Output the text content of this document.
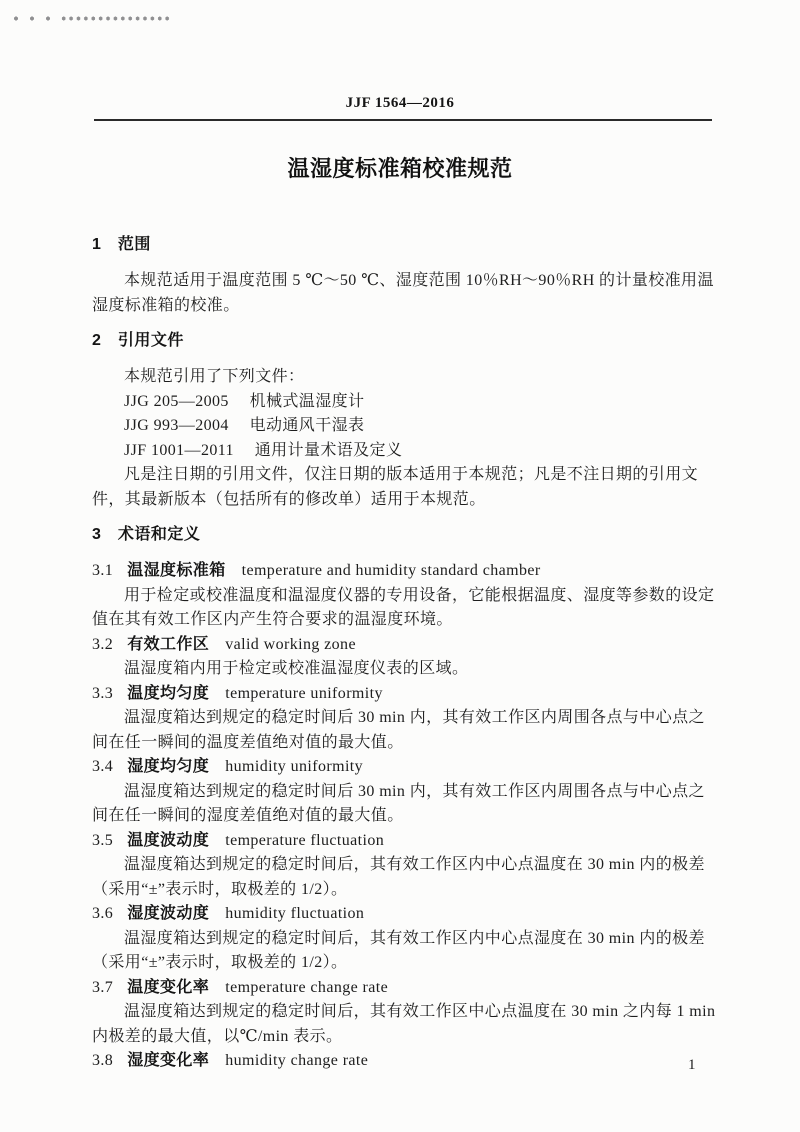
JJF 1564—2016
温湿度标准箱校准规范
1　范围
本规范适用于温度范围 5 ℃～50 ℃、湿度范围 10％RH～90％RH 的计量校准用温
湿度标准箱的校准。
2　引用文件
本规范引用了下列文件：
JJG 205—2005　 机械式温湿度计
JJG 993—2004　 电动通风干湿表
JJF 1001—2011　 通用计量术语及定义
凡是注日期的引用文件，仅注日期的版本适用于本规范；凡是不注日期的引用文
件，其最新版本（包括所有的修改单）适用于本规范。
3　术语和定义
3.1 温湿度标准箱 temperature and humidity standard chamber
用于检定或校准温度和温湿度仪器的专用设备，它能根据温度、湿度等参数的设定
值在其有效工作区内产生符合要求的温湿度环境。
3.2 有效工作区 valid working zone
温湿度箱内用于检定或校准温湿度仪表的区域。
3.3 温度均匀度 temperature uniformity
温湿度箱达到规定的稳定时间后 30 min 内，其有效工作区内周围各点与中心点之
间在任一瞬间的温度差值绝对值的最大值。
3.4 湿度均匀度 humidity uniformity
温湿度箱达到规定的稳定时间后 30 min 内，其有效工作区内周围各点与中心点之
间在任一瞬间的湿度差值绝对值的最大值。
3.5 温度波动度 temperature fluctuation
温湿度箱达到规定的稳定时间后，其有效工作区内中心点温度在 30 min 内的极差
（采用“±”表示时，取极差的 1/2）。
3.6 湿度波动度 humidity fluctuation
温湿度箱达到规定的稳定时间后，其有效工作区内中心点湿度在 30 min 内的极差
（采用“±”表示时，取极差的 1/2）。
3.7 温度变化率 temperature change rate
温湿度箱达到规定的稳定时间后，其有效工作区中心点温度在 30 min 之内每 1 min
内极差的最大值，以℃/min 表示。
3.8 湿度变化率 humidity change rate	1
